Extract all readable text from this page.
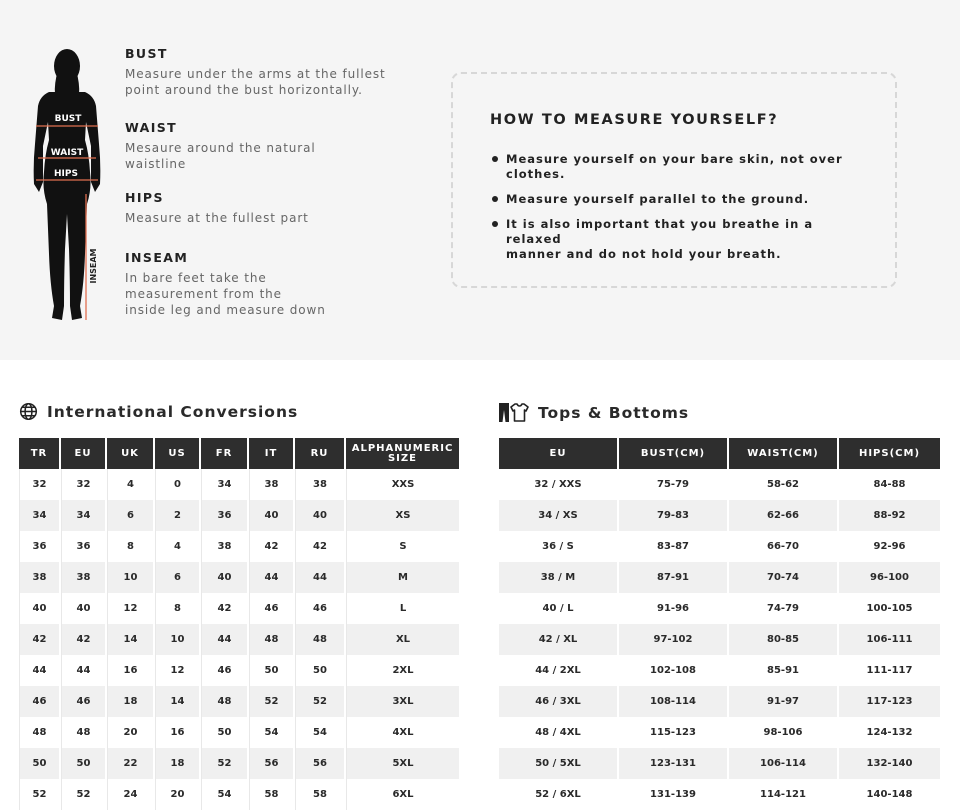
BUST
WAIST
HIPS
INSEAM
BUST
Measure under the arms at the fullest
point around the bust horizontally.
WAIST
Mesaure around the natural
waistline
HIPS
Measure at the fullest part
INSEAM
In bare feet take the
measurement from the
inside leg and measure down
HOW TO MEASURE YOURSELF?
Measure yourself on your bare skin, not over
clothes.
Measure yourself parallel to the ground.
It is also important that you breathe in a relaxed
manner and do not hold your breath.
International Conversions	Tops & Bottoms
TR	EU	UK	US	FR	IT	RU	ALPHANUMERIC SIZE
32	32	4	0	34	38	38	XXS
34	34	6	2	36	40	40	XS
36	36	8	4	38	42	42	S
38	38	10	6	40	44	44	M
40	40	12	8	42	46	46	L
42	42	14	10	44	48	48	XL
44	44	16	12	46	50	50	2XL
46	46	18	14	48	52	52	3XL
48	48	20	16	50	54	54	4XL
50	50	22	18	52	56	56	5XL
52	52	24	20	54	58	58	6XL
EU	BUST(CM)	WAIST(CM)	HIPS(CM)
32 / XXS	75-79	58-62	84-88
34 / XS	79-83	62-66	88-92
36 / S	83-87	66-70	92-96
38 / M	87-91	70-74	96-100
40 / L	91-96	74-79	100-105
42 / XL	97-102	80-85	106-111
44 / 2XL	102-108	85-91	111-117
46 / 3XL	108-114	91-97	117-123
48 / 4XL	115-123	98-106	124-132
50 / 5XL	123-131	106-114	132-140
52 / 6XL	131-139	114-121	140-148
